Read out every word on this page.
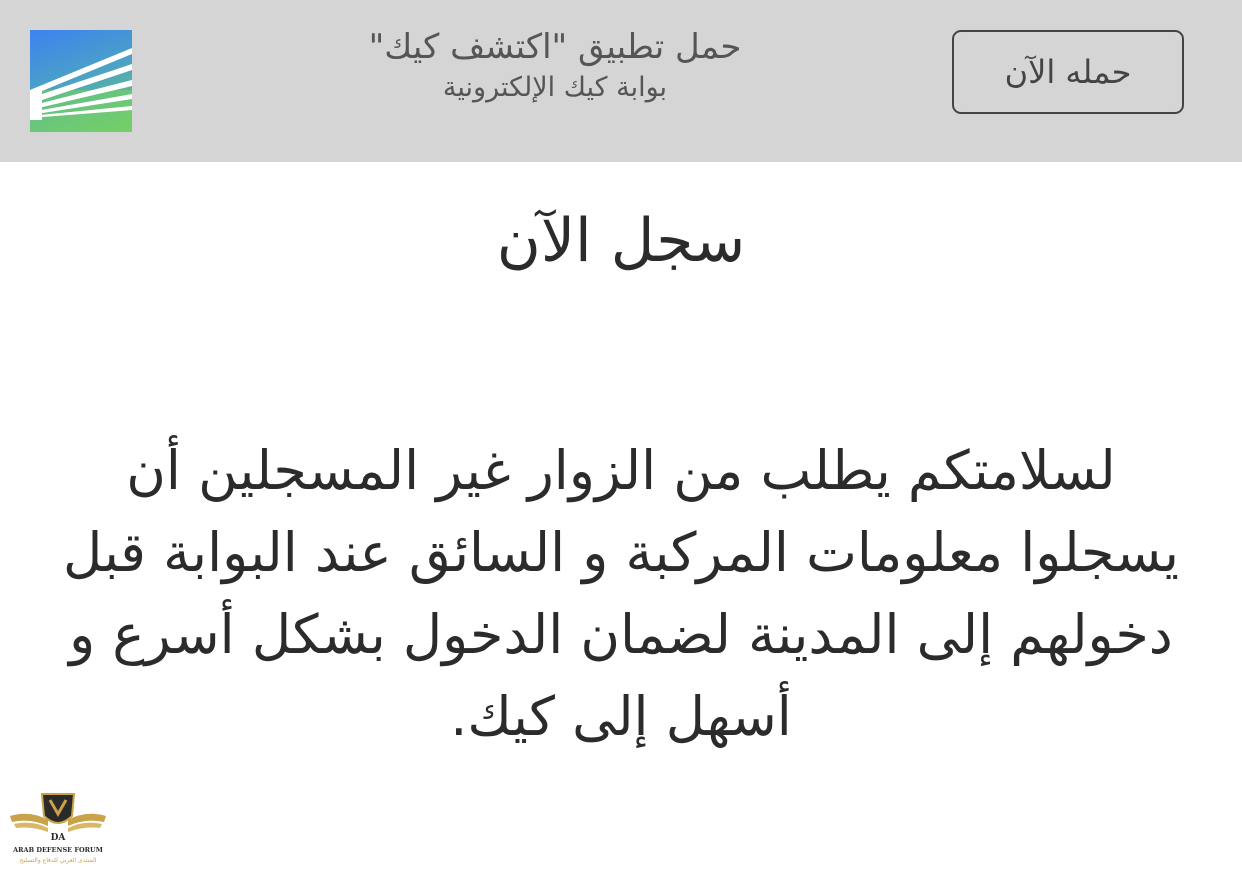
حمل تطبيق "اكتشف كيك"
بوابة كيك الإلكترونية	حمله الآن
سجل الآن

لسلامتكم يطلب من الزوار غير المسجلين أن يسجلوا معلومات المركبة و السائق عند البوابة قبل دخولهم إلى المدينة لضمان الدخول بشكل أسرع و أسهل إلى كيك.

DA
ARAB DEFENSE FORUM
المنتدى العربي للدفاع والتسليح
